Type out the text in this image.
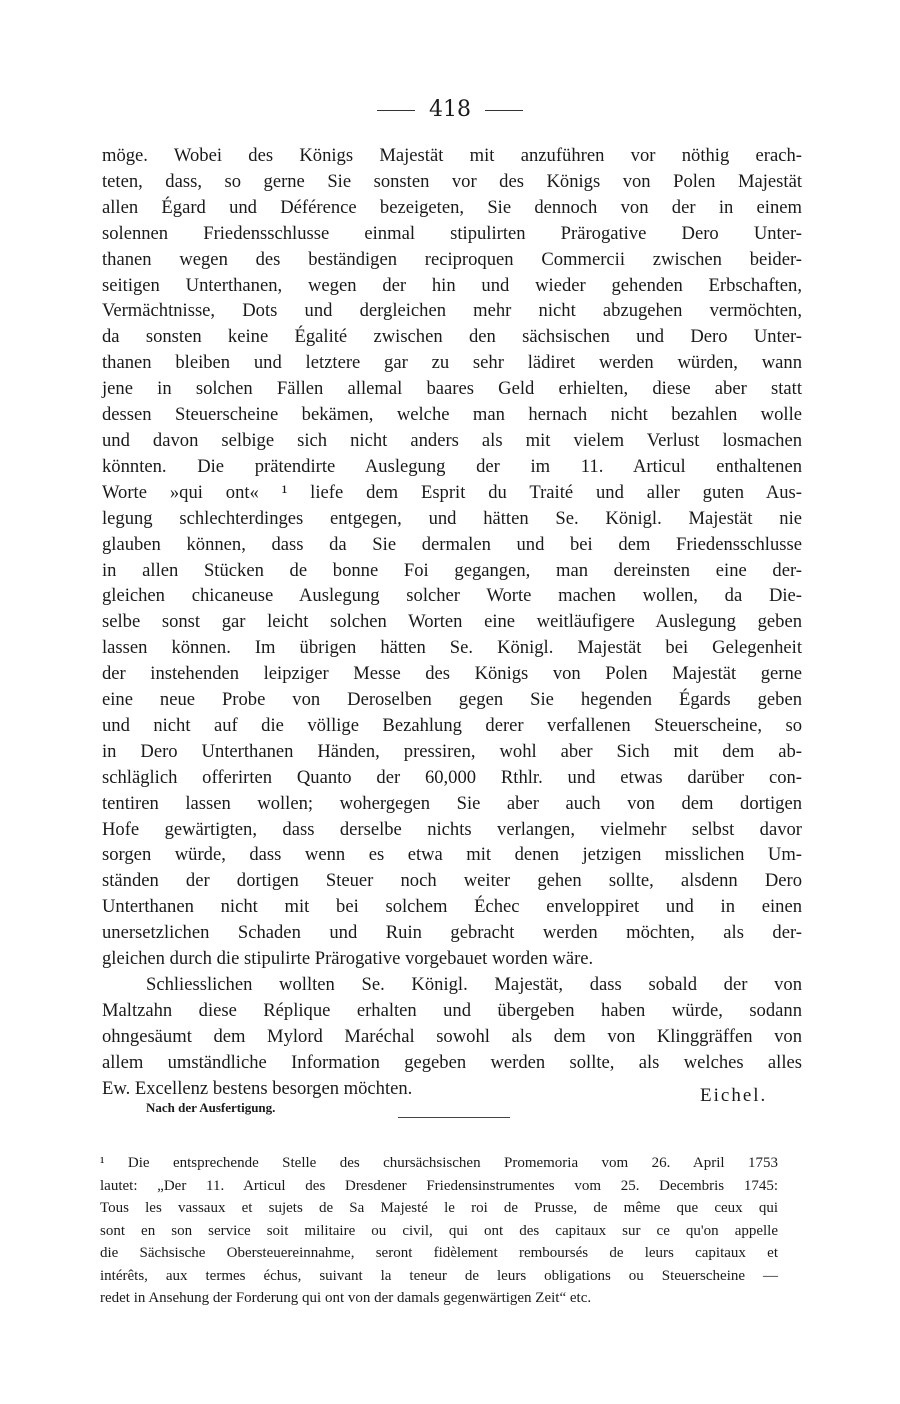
418
möge. Wobei des Königs Majestät mit anzuführen vor nöthig erach-
teten, dass, so gerne Sie sonsten vor des Königs von Polen Majestät
allen Égard und Déférence bezeigeten, Sie dennoch von der in einem
solennen Friedensschlusse einmal stipulirten Prärogative Dero Unter-
thanen wegen des beständigen reciproquen Commercii zwischen beider-
seitigen Unterthanen, wegen der hin und wieder gehenden Erbschaften,
Vermächtnisse, Dots und dergleichen mehr nicht abzugehen vermöchten,
da sonsten keine Égalité zwischen den sächsischen und Dero Unter-
thanen bleiben und letztere gar zu sehr lädiret werden würden, wann
jene in solchen Fällen allemal baares Geld erhielten, diese aber statt
dessen Steuerscheine bekämen, welche man hernach nicht bezahlen wolle
und davon selbige sich nicht anders als mit vielem Verlust losmachen
könnten. Die prätendirte Auslegung der im 11. Articul enthaltenen
Worte »qui ont« ¹ liefe dem Esprit du Traité und aller guten Aus-
legung schlechterdinges entgegen, und hätten Se. Königl. Majestät nie
glauben können, dass da Sie dermalen und bei dem Friedensschlusse
in allen Stücken de bonne Foi gegangen, man dereinsten eine der-
gleichen chicaneuse Auslegung solcher Worte machen wollen, da Die-
selbe sonst gar leicht solchen Worten eine weitläufigere Auslegung geben
lassen können. Im übrigen hätten Se. Königl. Majestät bei Gelegenheit
der instehenden leipziger Messe des Königs von Polen Majestät gerne
eine neue Probe von Deroselben gegen Sie hegenden Égards geben
und nicht auf die völlige Bezahlung derer verfallenen Steuerscheine, so
in Dero Unterthanen Händen, pressiren, wohl aber Sich mit dem ab-
schläglich offerirten Quanto der 60,000 Rthlr. und etwas darüber con-
tentiren lassen wollen; wohergegen Sie aber auch von dem dortigen
Hofe gewärtigten, dass derselbe nichts verlangen, vielmehr selbst davor
sorgen würde, dass wenn es etwa mit denen jetzigen misslichen Um-
ständen der dortigen Steuer noch weiter gehen sollte, alsdenn Dero
Unterthanen nicht mit bei solchem Échec enveloppiret und in einen
unersetzlichen Schaden und Ruin gebracht werden möchten, als der-
gleichen durch die stipulirte Prärogative vorgebauet worden wäre.
Schliesslichen wollten Se. Königl. Majestät, dass sobald der von
Maltzahn diese Réplique erhalten und übergeben haben würde, sodann
ohngesäumt dem Mylord Maréchal sowohl als dem von Klinggräffen von
allem umständliche Information gegeben werden sollte, als welches alles
Ew. Excellenz bestens besorgen möchten.	Eichel.
Nach der Ausfertigung.
¹ Die entsprechende Stelle des chursächsischen Promemoria vom 26. April 1753
lautet: „Der 11. Articul des Dresdener Friedensinstrumentes vom 25. Decembris 1745:
Tous les vassaux et sujets de Sa Majesté le roi de Prusse, de même que ceux qui
sont en son service soit militaire ou civil, qui ont des capitaux sur ce qu'on appelle
die Sächsische Obersteuereinnahme, seront fidèlement remboursés de leurs capitaux et
intérêts, aux termes échus, suivant la teneur de leurs obligations ou Steuerscheine —
redet in Ansehung der Forderung qui ont von der damals gegenwärtigen Zeit“ etc.
